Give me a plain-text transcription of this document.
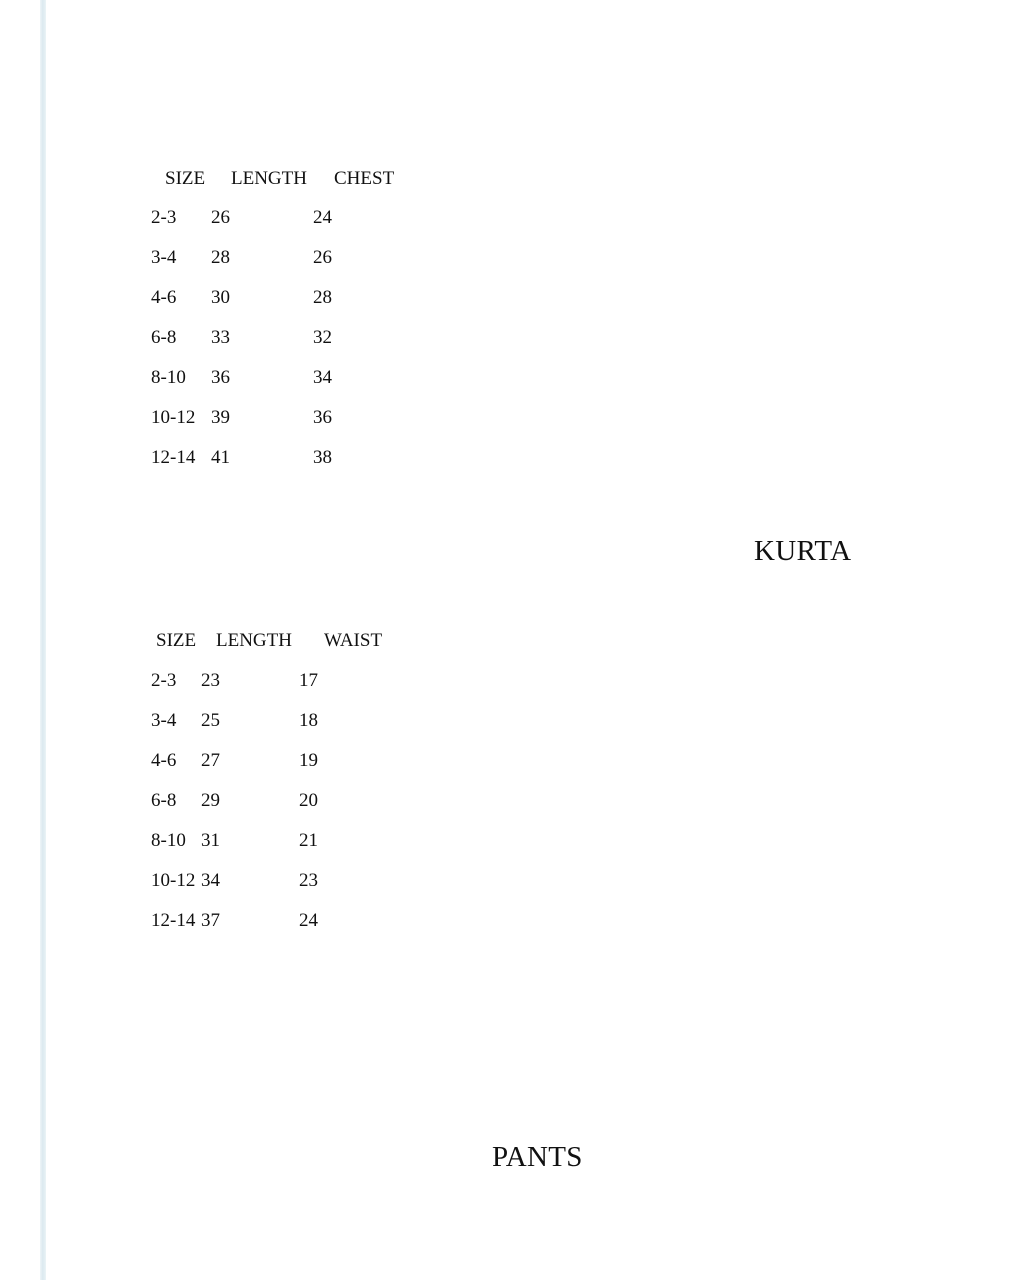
SIZE LENGTH CHEST
2-3 26	24
3-4 28	26
4-6 30	28
6-8 33	32
8-10 36	34
10-12 39	36
12-14 41	38
KURTA
SIZE LENGTH WAIST
2-3 23	17
3-4 25	18
4-6 27	19
6-8 29	20
8-10 31	21
10-12 34	23
12-14 37	24
PANTS
